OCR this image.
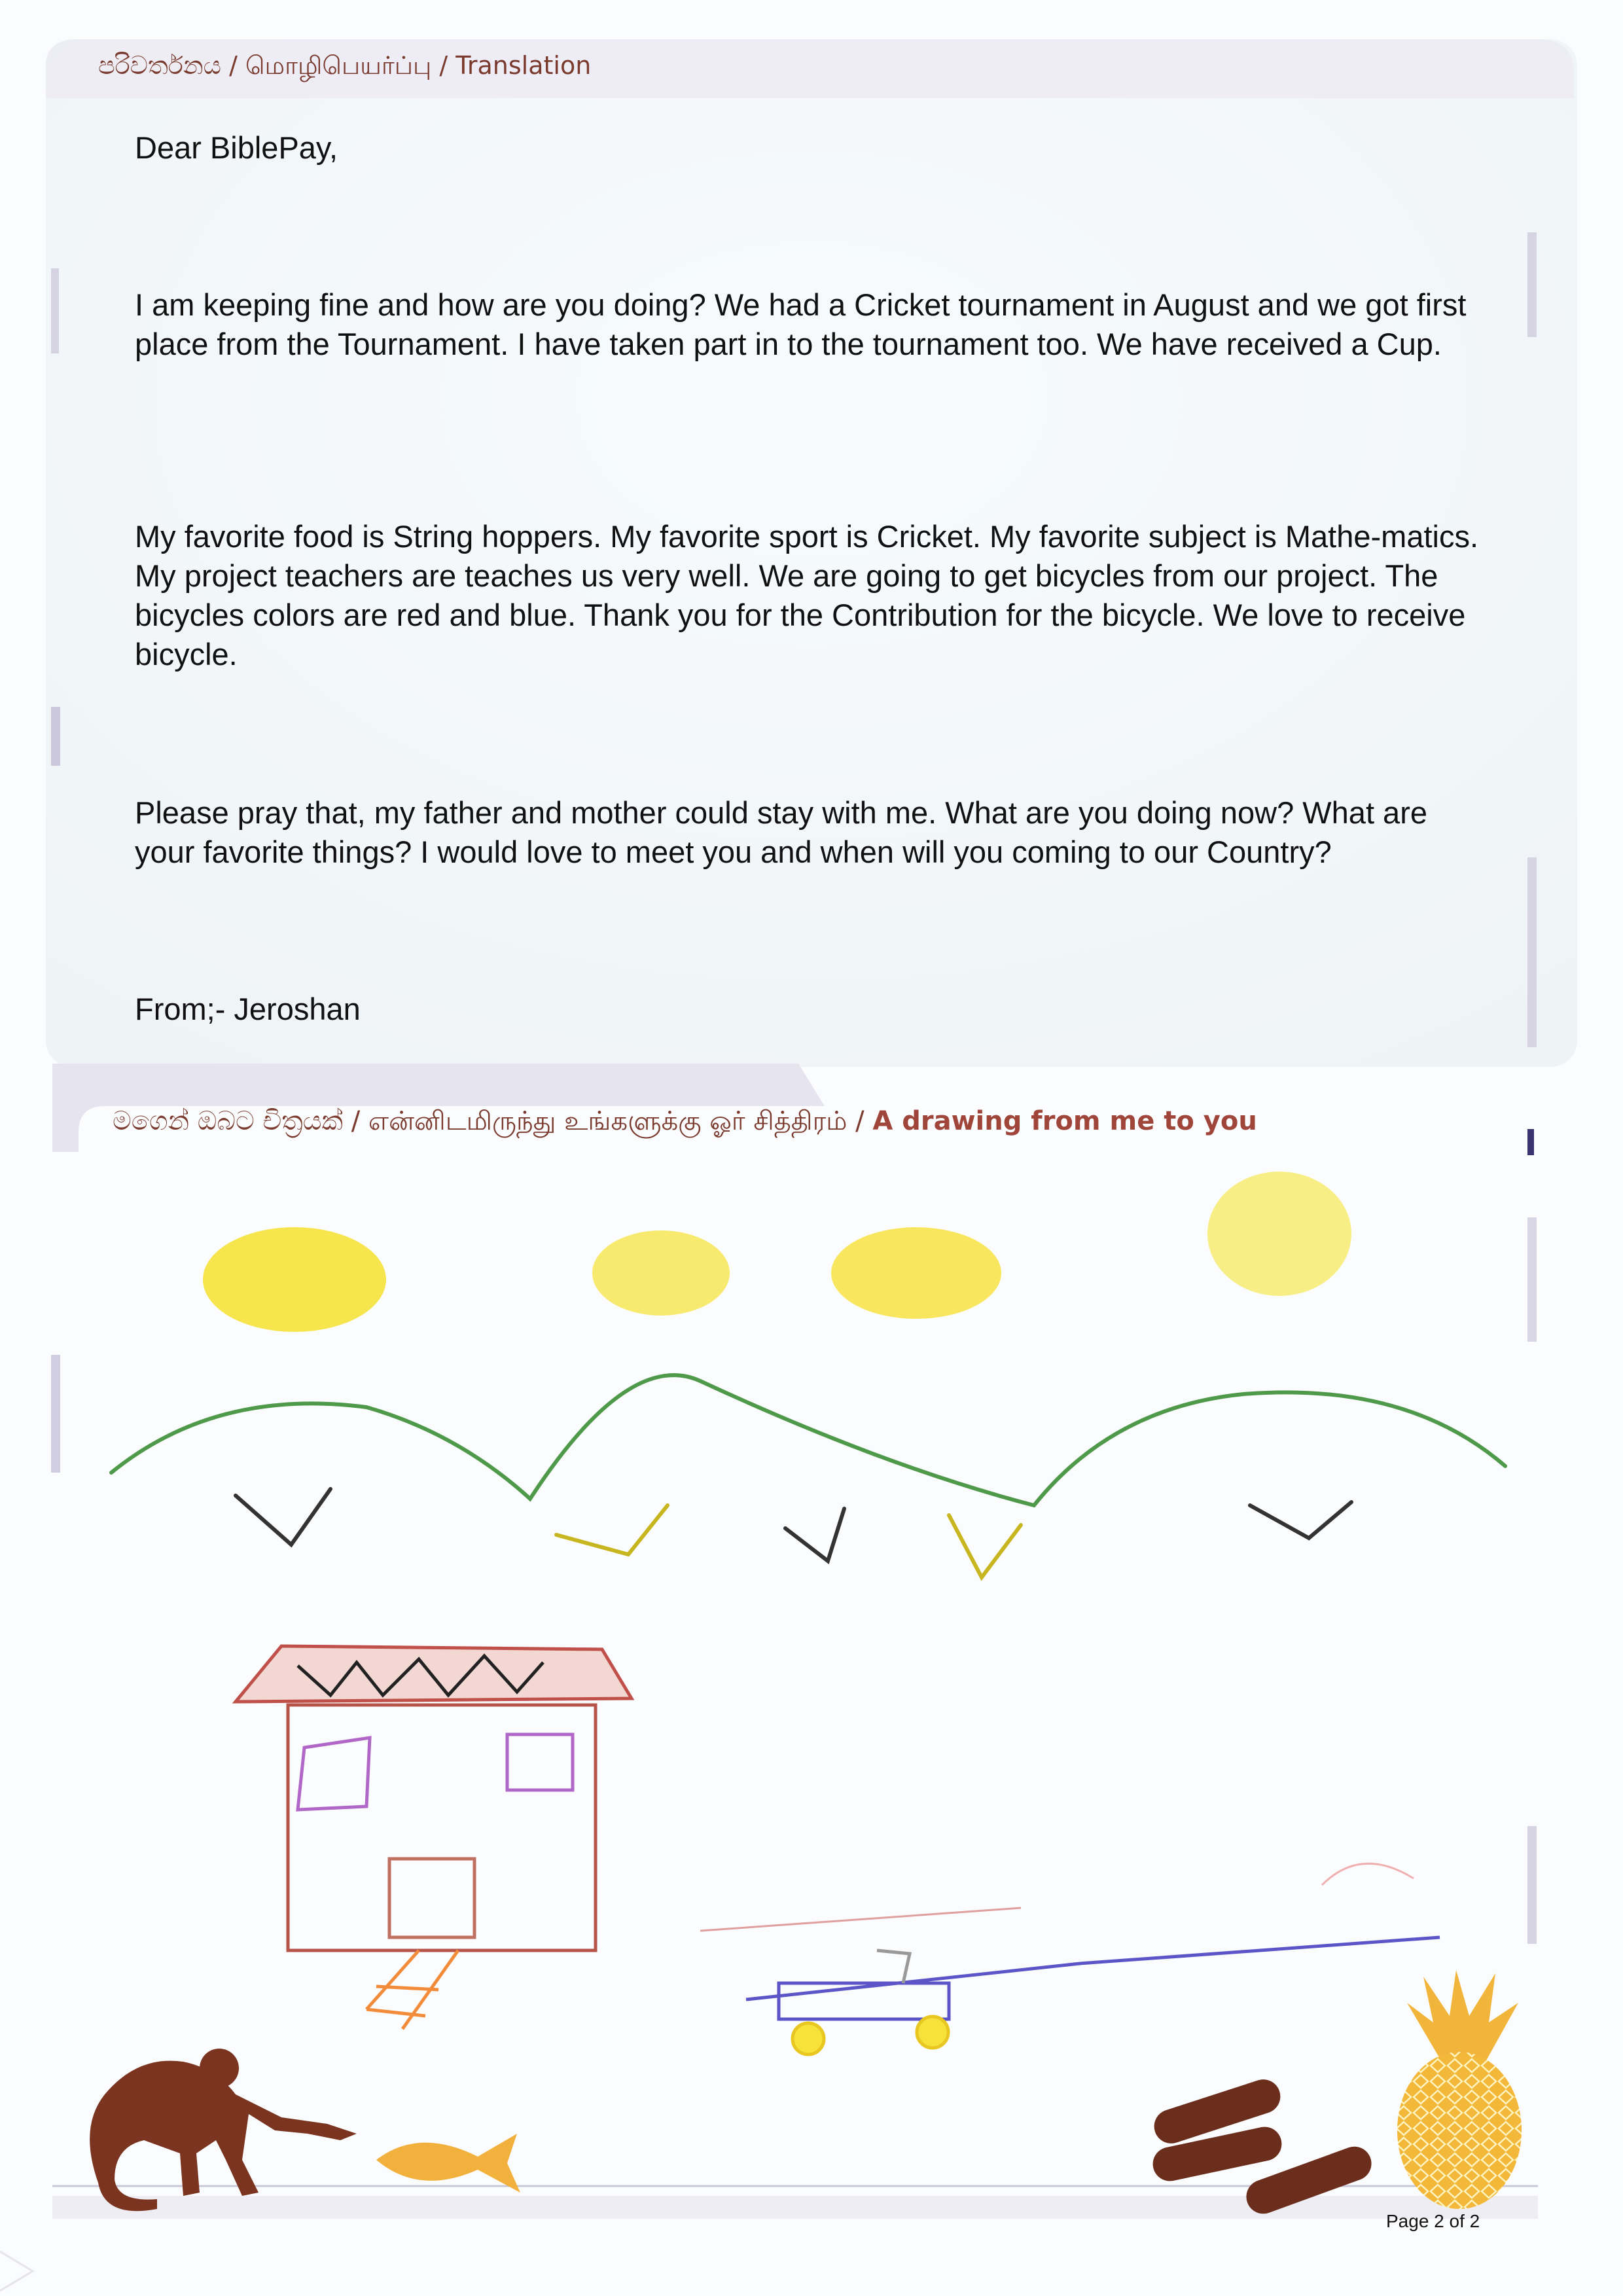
පරිවර්තනය / மொழிபெயர்ப்பு / Translation
Dear BiblePay,
I am keeping fine and how are you doing? We had a Cricket tournament in August and we got first place from the Tournament. I have taken part in to the tournament too. We have received a Cup.
My favorite food is String hoppers. My favorite sport is Cricket. My favorite subject is Mathe-matics. My project teachers are teaches us very well. We are going to get bicycles from our project. The bicycles colors are red and blue. Thank you for the Contribution for the bicycle. We love to receive bicycle.
Please pray that, my father and mother could stay with me. What are you doing now? What are your favorite things? I would love to meet you and when will you coming to our Country?
From;- Jeroshan
මගෙන් ඔබට චිත්‍රයක් / என்னிடமிருந்து உங்களுக்கு ஓர் சித்திரம் / A drawing from me to you
Page 2 of 2
